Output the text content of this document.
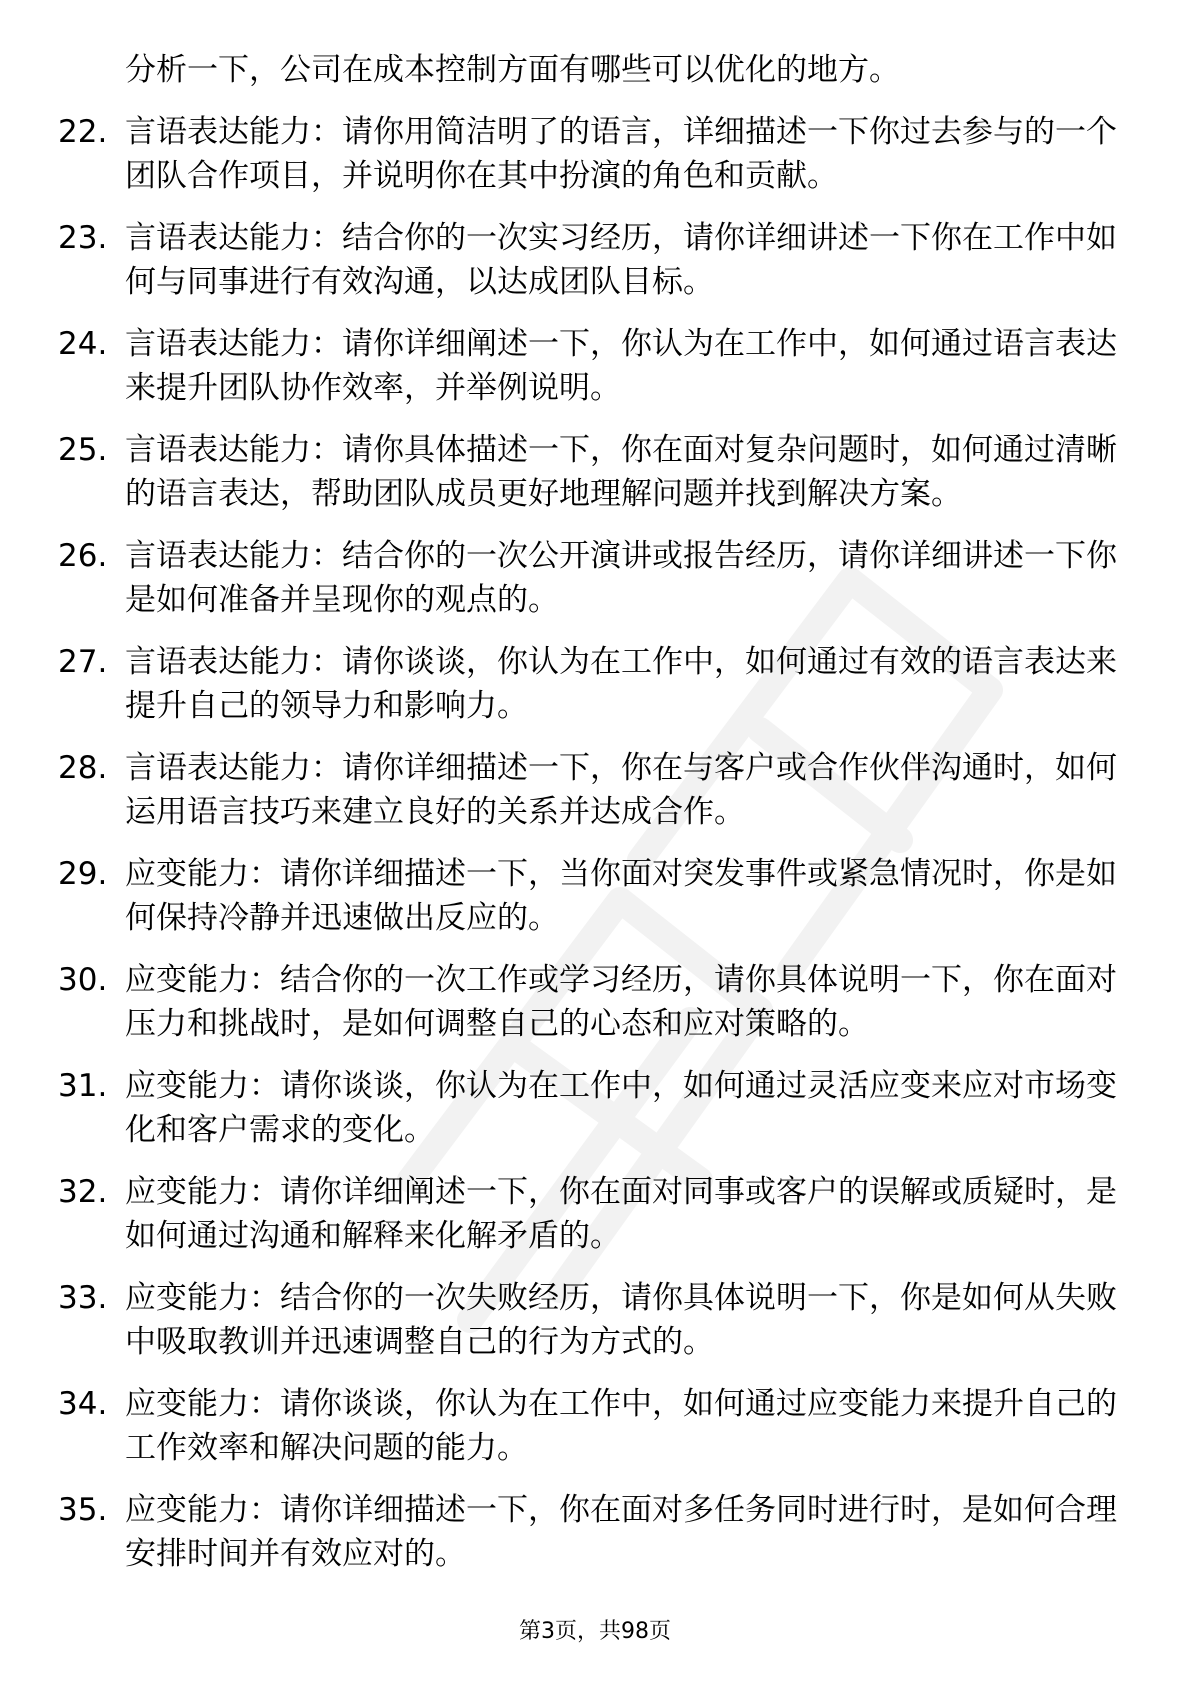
分析一下，公司在成本控制方面有哪些可以优化的地方。
22. 言语表达能力：请你用简洁明了的语言，详细描述一下你过去参与的一个团队合作项目，并说明你在其中扮演的角色和贡献。
23. 言语表达能力：结合你的一次实习经历，请你详细讲述一下你在工作中如何与同事进行有效沟通，以达成团队目标。
24. 言语表达能力：请你详细阐述一下，你认为在工作中，如何通过语言表达来提升团队协作效率，并举例说明。
25. 言语表达能力：请你具体描述一下，你在面对复杂问题时，如何通过清晰的语言表达，帮助团队成员更好地理解问题并找到解决方案。
26. 言语表达能力：结合你的一次公开演讲或报告经历，请你详细讲述一下你是如何准备并呈现你的观点的。
27. 言语表达能力：请你谈谈，你认为在工作中，如何通过有效的语言表达来提升自己的领导力和影响力。
28. 言语表达能力：请你详细描述一下，你在与客户或合作伙伴沟通时，如何运用语言技巧来建立良好的关系并达成合作。
29. 应变能力：请你详细描述一下，当你面对突发事件或紧急情况时，你是如何保持冷静并迅速做出反应的。
30. 应变能力：结合你的一次工作或学习经历，请你具体说明一下，你在面对压力和挑战时，是如何调整自己的心态和应对策略的。
31. 应变能力：请你谈谈，你认为在工作中，如何通过灵活应变来应对市场变化和客户需求的变化。
32. 应变能力：请你详细阐述一下，你在面对同事或客户的误解或质疑时，是如何通过沟通和解释来化解矛盾的。
33. 应变能力：结合你的一次失败经历，请你具体说明一下，你是如何从失败中吸取教训并迅速调整自己的行为方式的。
34. 应变能力：请你谈谈，你认为在工作中，如何通过应变能力来提升自己的工作效率和解决问题的能力。
35. 应变能力：请你详细描述一下，你在面对多任务同时进行时，是如何合理安排时间并有效应对的。
第3页，共98页
